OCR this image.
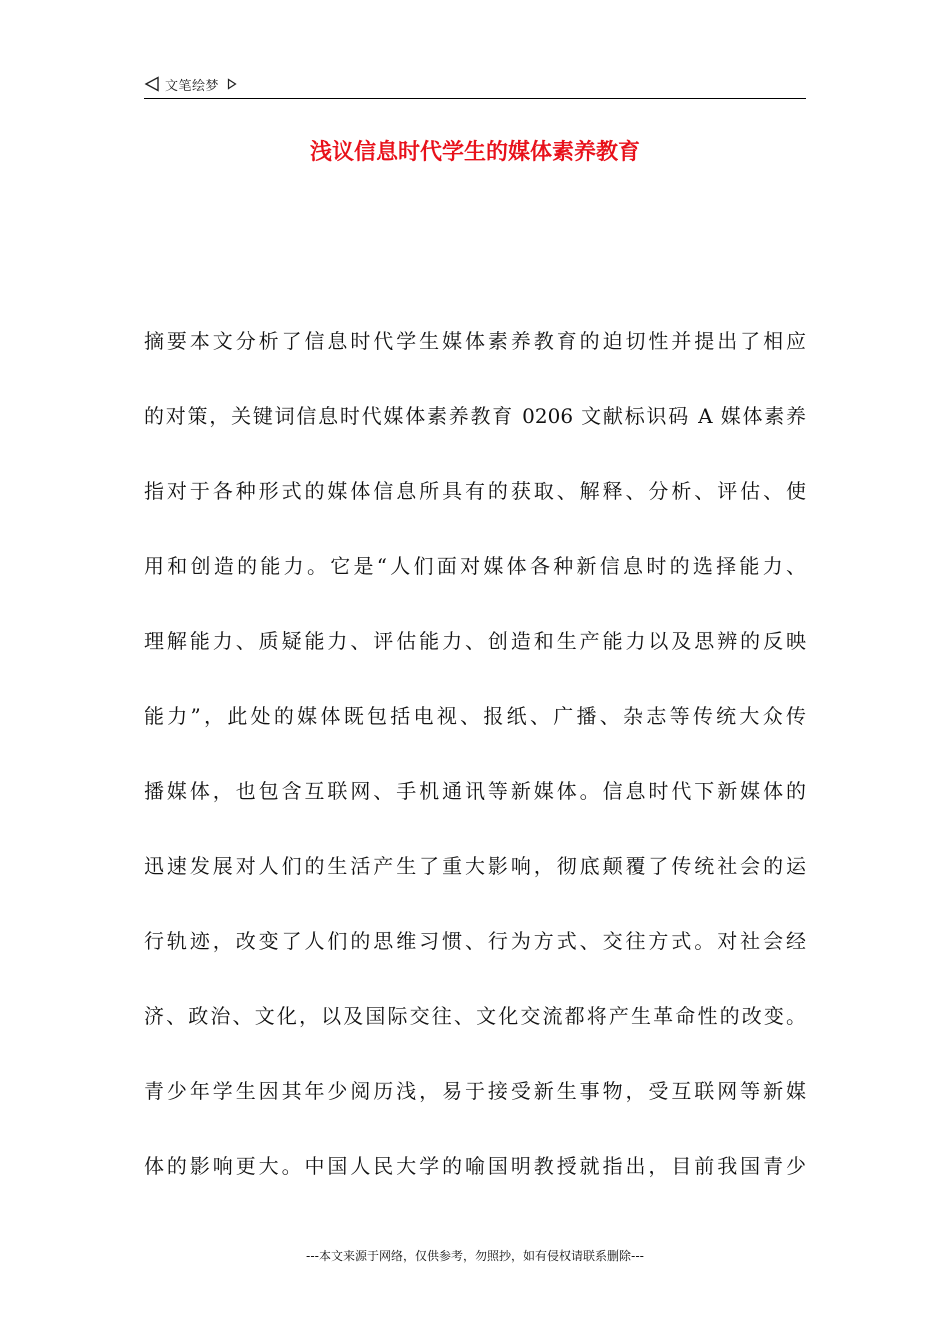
文笔绘梦
浅议信息时代学生的媒体素养教育
摘要本文分析了信息时代学生媒体素养教育的迫切性并提出了相应
的对策，关键词信息时代媒体素养教育 0206 文献标识码 A 媒体素养
指对于各种形式的媒体信息所具有的获取、解释、分析、评估、使
用和创造的能力。它是“人们面对媒体各种新信息时的选择能力、
理解能力、质疑能力、评估能力、创造和生产能力以及思辨的反映
能力”，此处的媒体既包括电视、报纸、广播、杂志等传统大众传
播媒体，也包含互联网、手机通讯等新媒体。信息时代下新媒体的
迅速发展对人们的生活产生了重大影响，彻底颠覆了传统社会的运
行轨迹，改变了人们的思维习惯、行为方式、交往方式。对社会经
济、政治、文化，以及国际交往、文化交流都将产生革命性的改变。
青少年学生因其年少阅历浅，易于接受新生事物，受互联网等新媒
体的影响更大。中国人民大学的喻国明教授就指出，目前我国青少
---本文来源于网络，仅供参考，勿照抄，如有侵权请联系删除---
